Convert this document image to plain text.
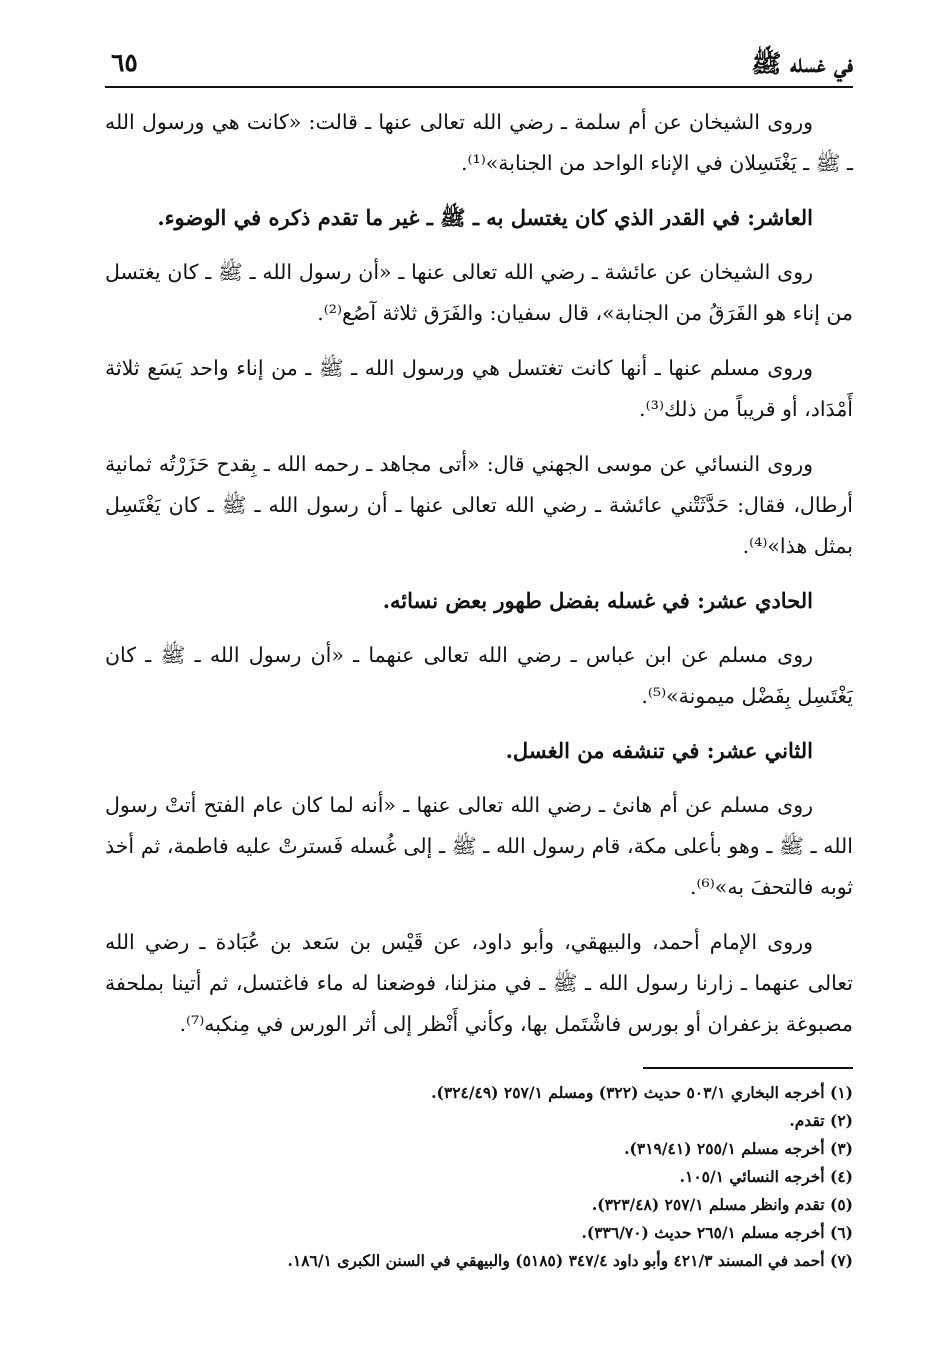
في غسله ﷺ
٦٥

وروى الشيخان عن أم سلمة ـ رضي الله تعالى عنها ـ قالت: «كانت هي ورسول الله ـ ﷺ ـ يَغْتَسِلان في الإناء الواحد من الجنابة»⁽¹⁾.

العاشر: في القدر الذي كان يغتسل به ـ ﷺ ـ غير ما تقدم ذكره في الوضوء.

روى الشيخان عن عائشة ـ رضي الله تعالى عنها ـ «أن رسول الله ـ ﷺ ـ كان يغتسل من إناء هو الفَرَقُ من الجنابة»، قال سفيان: والفَرَق ثلاثة آصُع⁽²⁾.

وروى مسلم عنها ـ أنها كانت تغتسل هي ورسول الله ـ ﷺ ـ من إناء واحد يَسَع ثلاثة أَمْدَاد، أو قريباً من ذلك⁽³⁾.

وروى النسائي عن موسى الجهني قال: «أتى مجاهد ـ رحمه الله ـ بِقدح حَزَرْتُه ثمانية أرطال، فقال: حَدَّثَتْني عائشة ـ رضي الله تعالى عنها ـ أن رسول الله ـ ﷺ ـ كان يَغْتَسِل بمثل هذا»⁽⁴⁾.

الحادي عشر: في غسله بفضل طهور بعض نسائه.

روى مسلم عن ابن عباس ـ رضي الله تعالى عنهما ـ «أن رسول الله ـ ﷺ ـ كان يَغْتَسِل بِفَضْل ميمونة»⁽⁵⁾.

الثاني عشر: في تنشفه من الغسل.

روى مسلم عن أم هانئ ـ رضي الله تعالى عنها ـ «أنه لما كان عام الفتح أتتْ رسول الله ـ ﷺ ـ وهو بأعلى مكة، قام رسول الله ـ ﷺ ـ إلى غُسله فَسترتْ عليه فاطمة، ثم أخذ ثوبه فالتحفَ به»⁽⁶⁾.

وروى الإمام أحمد، والبيهقي، وأبو داود، عن قَيْس بن سَعد بن عُبَادة ـ رضي الله تعالى عنهما ـ زارنا رسول الله ـ ﷺ ـ في منزلنا، فوضعنا له ماء فاغتسل، ثم أتينا بملحفة مصبوغة بزعفران أو بورس فاشْتَمل بها، وكأني أَنْظر إلى أثر الورس في مِنكبه⁽⁷⁾.

(١) أخرجه البخاري ٥٠٣/١ حديث (٣٢٢) ومسلم ٢٥٧/١ (٣٢٤/٤٩).
(٢) تقدم.
(٣) أخرجه مسلم ٢٥٥/١ (٣١٩/٤١).
(٤) أخرجه النسائي ١٠٥/١.
(٥) تقدم وانظر مسلم ٢٥٧/١ (٣٢٣/٤٨).
(٦) أخرجه مسلم ٢٦٥/١ حديث (٣٣٦/٧٠).
(٧) أحمد في المسند ٤٢١/٣ وأبو داود ٣٤٧/٤ (٥١٨٥) والبيهقي في السنن الكبرى ١٨٦/١.
